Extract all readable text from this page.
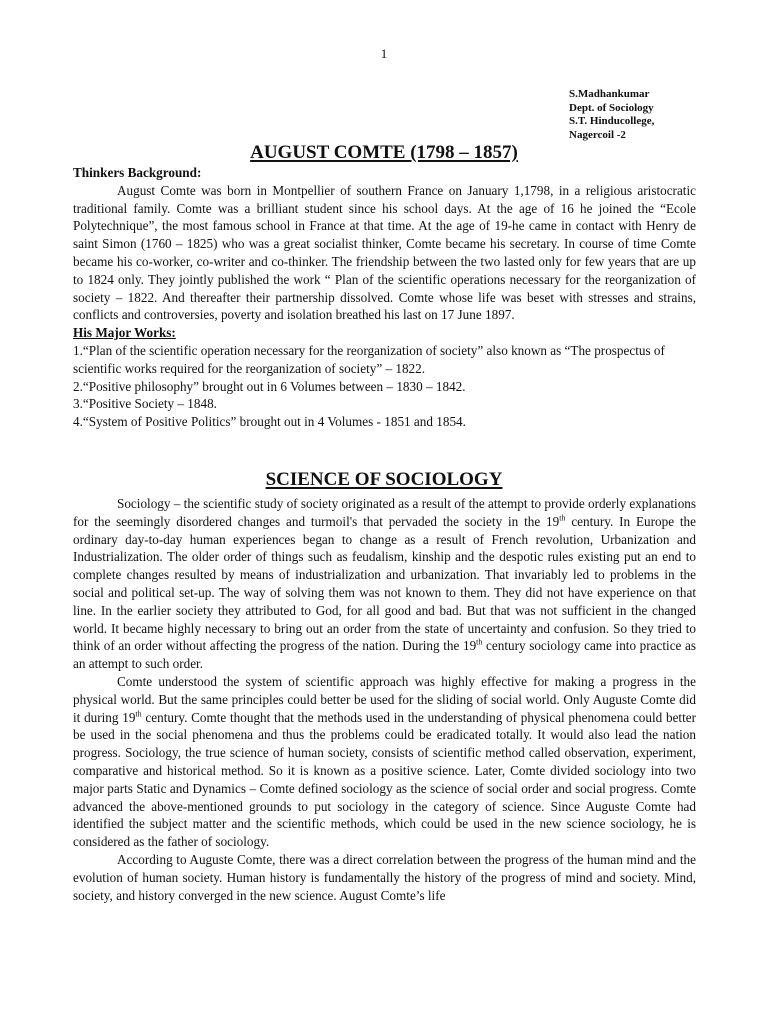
1
S.Madhankumar
Dept. of Sociology
S.T. Hinducollege,
Nagercoil -2
AUGUST COMTE (1798 – 1857)

Thinkers Background:

August Comte was born in Montpellier of southern France on January 1,1798, in a religious aristocratic traditional family. Comte was a brilliant student since his school days. At the age of 16 he joined the “Ecole Polytechnique”, the most famous school in France at that time. At the age of 19-he came in contact with Henry de saint Simon (1760 – 1825) who was a great socialist thinker, Comte became his secretary. In course of time Comte became his co-worker, co-writer and co-thinker. The friendship between the two lasted only for few years that are up to 1824 only. They jointly published the work “ Plan of the scientific operations necessary for the reorganization of society – 1822. And thereafter their partnership dissolved. Comte whose life was beset with stresses and strains, conflicts and controversies, poverty and isolation breathed his last on 17 June 1897.

His Major Works:

1.“Plan of the scientific operation necessary for the reorganization of society” also known as “The prospectus of scientific works required for the reorganization of society” – 1822.

2.“Positive philosophy” brought out in 6 Volumes between – 1830 – 1842.

3.“Positive Society – 1848.

4.“System of Positive Politics” brought out in 4 Volumes - 1851 and 1854.

SCIENCE OF SOCIOLOGY

Sociology – the scientific study of society originated as a result of the attempt to provide orderly explanations for the seemingly disordered changes and turmoil's that pervaded the society in the 19th century. In Europe the ordinary day-to-day human experiences began to change as a result of French revolution, Urbanization and Industrialization. The older order of things such as feudalism, kinship and the despotic rules existing put an end to complete changes resulted by means of industrialization and urbanization. That invariably led to problems in the social and political set-up. The way of solving them was not known to them. They did not have experience on that line. In the earlier society they attributed to God, for all good and bad. But that was not sufficient in the changed world. It became highly necessary to bring out an order from the state of uncertainty and confusion. So they tried to think of an order without affecting the progress of the nation. During the 19th century sociology came into practice as an attempt to such order.

Comte understood the system of scientific approach was highly effective for making a progress in the physical world. But the same principles could better be used for the sliding of social world. Only Auguste Comte did it during 19th century. Comte thought that the methods used in the understanding of physical phenomena could better be used in the social phenomena and thus the problems could be eradicated totally. It would also lead the nation progress. Sociology, the true science of human society, consists of scientific method called observation, experiment, comparative and historical method. So it is known as a positive science. Later, Comte divided sociology into two major parts Static and Dynamics – Comte defined sociology as the science of social order and social progress. Comte advanced the above-mentioned grounds to put sociology in the category of science. Since Auguste Comte had identified the subject matter and the scientific methods, which could be used in the new science sociology, he is considered as the father of sociology.

According to Auguste Comte, there was a direct correlation between the progress of the human mind and the evolution of human society. Human history is fundamentally the history of the progress of mind and society. Mind, society, and history converged in the new science. August Comte’s life
